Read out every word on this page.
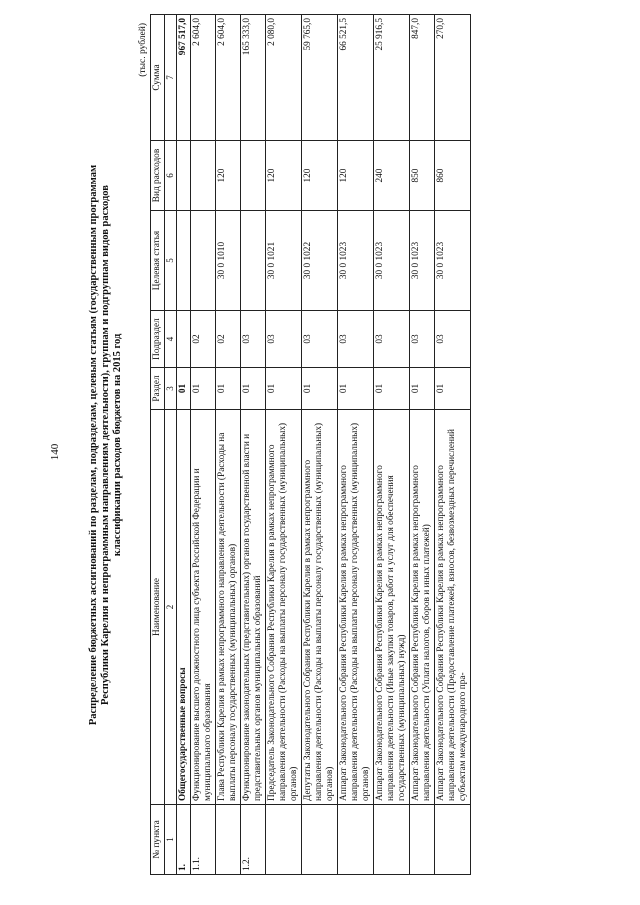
140	Распределение бюджетных ассигнований по разделам, подразделам, целевым статьям (государственным программам Республики Карелия и непрограммным направлениям деятельности), группам и подгруппам видов расходов классификации расходов бюджетов на 2015 год
(тыс. рублей)
№ пункта	Наименование	Раздел	Подраздел	Целевая статья	Вид расходов	Сумма
1	2	3	4	5	6	7
1.	Общегосударственные вопросы	01				967 517,0
1.1.	Функционирование высшего должностного лица субъекта Российской Федерации и муниципального образования	01	02			2 604,0
	Глава Республики Карелия в рамках непрограммного направления деятельности (Расходы на выплаты персоналу государственных (муниципальных) органов)	01	02	30 0 1010	120	2 604,0
1.2.	Функционирование законодательных (представительных) органов государственной власти и представительных органов муниципальных образований	01	03			165 333,0
	Председатель Законодательного Собрания Республики Карелия в рамках непрограммного направления деятельности (Расходы на выплаты персоналу государственных (муниципальных) органов)	01	03	30 0 1021	120	2 080,0
	Депутаты Законодательного Собрания Республики Карелия в рамках непрограммного направления деятельности (Расходы на выплаты персоналу государственных (муниципальных) органов)	01	03	30 0 1022	120	59 765,0
	Аппарат Законодательного Собрания Республики Карелия в рамках непрограммного направления деятельности (Расходы на выплаты персоналу государственных (муниципальных) органов)	01	03	30 0 1023	120	66 521,5
	Аппарат Законодательного Собрания Республики Карелия в рамках непрограммного направления деятельности (Иные закупки товаров, работ и услуг для обеспечения государственных (муниципальных) нужд)	01	03	30 0 1023	240	25 916,5
	Аппарат Законодательного Собрания Республики Карелия в рамках непрограммного направления деятельности (Уплата налогов, сборов и иных платежей)	01	03	30 0 1023	850	847,0
	Аппарат Законодательного Собрания Республики Карелия в рамках непрограммного направления деятельности (Предоставление платежей, взносов, безвозмездных перечислений субъектам международного пра-	01	03	30 0 1023	860	270,0
